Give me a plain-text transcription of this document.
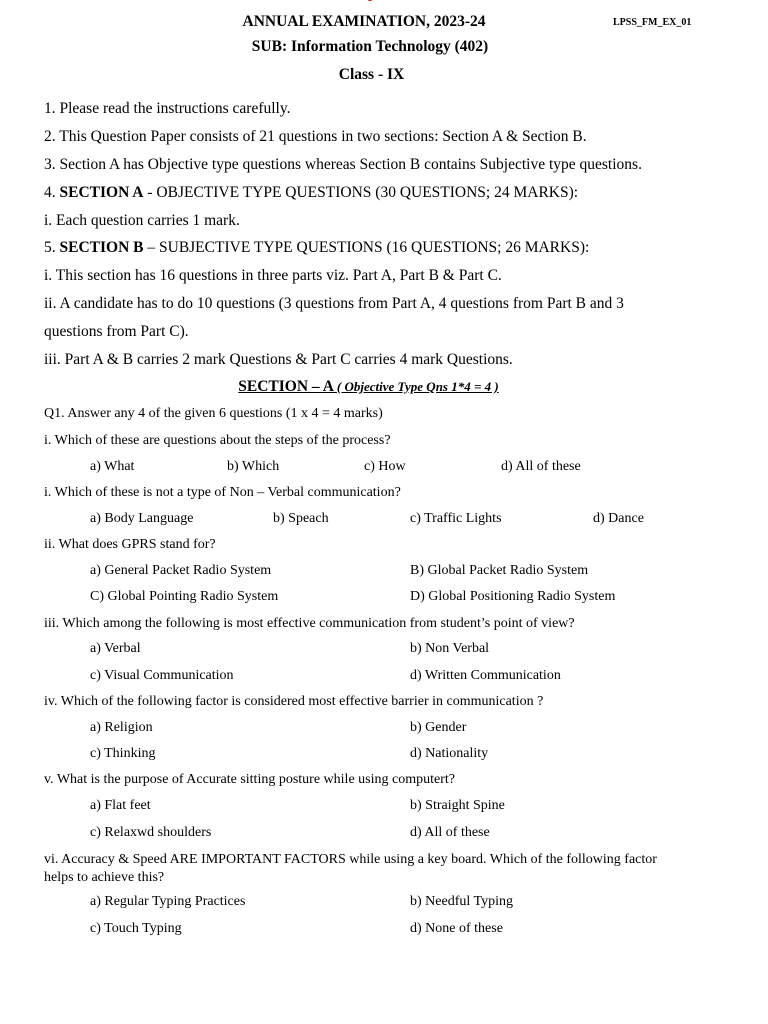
ANNUAL EXAMINATION, 2023-24	LPSS_FM_EX_01
SUB: Information Technology (402)
Class - IX
1. Please read the instructions carefully.
2. This Question Paper consists of 21 questions in two sections: Section A & Section B.
3. Section A has Objective type questions whereas Section B contains Subjective type questions.
4. SECTION A - OBJECTIVE TYPE QUESTIONS (30 QUESTIONS; 24 MARKS):
i. Each question carries 1 mark.
5. SECTION B – SUBJECTIVE TYPE QUESTIONS (16 QUESTIONS; 26 MARKS):
i. This section has 16 questions in three parts viz. Part A, Part B & Part C.
ii. A candidate has to do 10 questions (3 questions from Part A, 4 questions from Part B and 3
questions from Part C).
iii. Part A & B carries 2 mark Questions & Part C carries 4 mark Questions.
SECTION – A ( Objective Type Qns 1*4 = 4 )
Q1. Answer any 4 of the given 6 questions (1 x 4 = 4 marks)
i. Which of these are questions about the steps of the process?
a) What	b) Which	c) How	d) All of these
i. Which of these is not a type of Non – Verbal communication?
a) Body Language	b) Speach	c) Traffic Lights	d) Dance
ii. What does GPRS stand for?
a) General Packet Radio System	B) Global Packet Radio System
C) Global Pointing Radio System	D) Global Positioning Radio System
iii. Which among the following is most effective communication from student’s point of view?
a) Verbal	b) Non Verbal
c) Visual Communication	d) Written Communication
iv. Which of the following factor is considered most effective barrier in communication ?
a) Religion	b) Gender
c) Thinking	d) Nationality
v. What is the purpose of Accurate sitting posture while using computert?
a) Flat feet	b) Straight Spine
c) Relaxwd shoulders	d) All of these
vi. Accuracy & Speed ARE IMPORTANT FACTORS while using a key board. Which of the following factor helps to achieve this?
a) Regular Typing Practices	b) Needful Typing
c) Touch Typing	d) None of these
